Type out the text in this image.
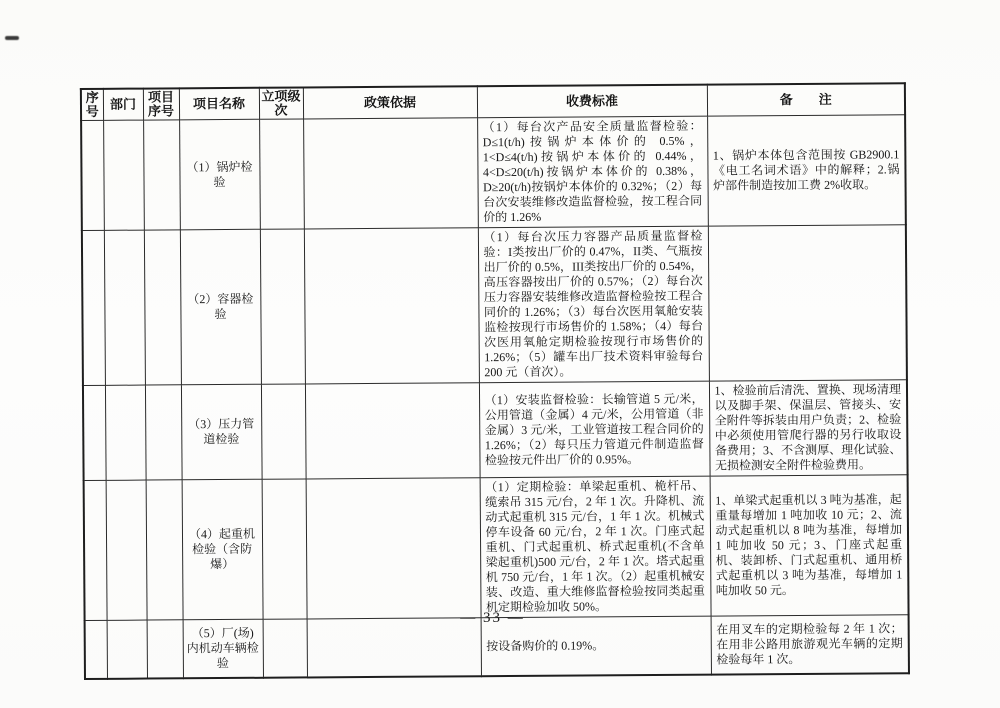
序号	部门	项目序号	项目名称	立项级次	政策依据	收费标准	备　　注
			（1）锅炉检验			（1）每台次产品安全质量监督检验：D≤1(t/h)按锅炉本体价的 0.5%，1<D≤4(t/h)按锅炉本体价的 0.44%，4<D≤20(t/h)按锅炉本体价的 0.38%，D≥20(t/h)按锅炉本体价的 0.32%；（2）每台次安装维修改造监督检验，按工程合同价的 1.26%	1、锅炉本体包含范围按 GB2900.1《电工名词术语》中的解释；2.锅炉部件制造按加工费 2%收取。
			（2）容器检验			（1）每台次压力容器产品质量监督检验：I类按出厂价的 0.47%，II类、气瓶按出厂价的 0.5%，III类按出厂价的 0.54%，高压容器按出厂价的 0.57%；（2）每台次压力容器安装维修改造监督检验按工程合同价的 1.26%；（3）每台次医用氧舱安装监检按现行市场售价的 1.58%；（4）每台次医用氧舱定期检验按现行市场售价的 1.26%；（5）罐车出厂技术资料审验每台 200 元（首次）。	
			（3）压力管道检验			（1）安装监督检验：长输管道 5 元/米，公用管道（金属）4 元/米，公用管道（非金属）3 元/米，工业管道按工程合同价的 1.26%；（2）每只压力管道元件制造监督检验按元件出厂价的 0.95%。	1、检验前后清洗、置换、现场清理以及脚手架、保温层、管接头、安全附件等拆装由用户负责；2、检验中必须使用管爬行器的另行收取设备费用；3、不含测厚、理化试验、无损检测安全附件检验费用。
			（4）起重机检验（含防爆）			（1）定期检验：单梁起重机、桅杆吊、缆索吊 315 元/台，2 年 1 次。升降机、流动式起重机 315 元/台，1 年 1 次。机械式停车设备 60 元/台，2 年 1 次。门座式起重机、门式起重机、桥式起重机(不含单梁起重机)500 元/台，2 年 1 次。塔式起重机 750 元/台，1 年 1 次。（2）起重机械安装、改造、重大维修监督检验按同类起重机定期检验加收 50%。	1、单梁式起重机以 3 吨为基准，起重量每增加 1 吨加收 10 元；2、流动式起重机以 8 吨为基准，每增加 1 吨加收 50 元；3、门座式起重机、装卸桥、门式起重机、通用桥式起重机以 3 吨为基准，每增加 1 吨加收 50 元。
			（5）厂(场)内机动车辆检验			按设备购价的 0.19%。	在用叉车的定期检验每 2 年 1 次；在用非公路用旅游观光车辆的定期检验每年 1 次。
— 33 —
